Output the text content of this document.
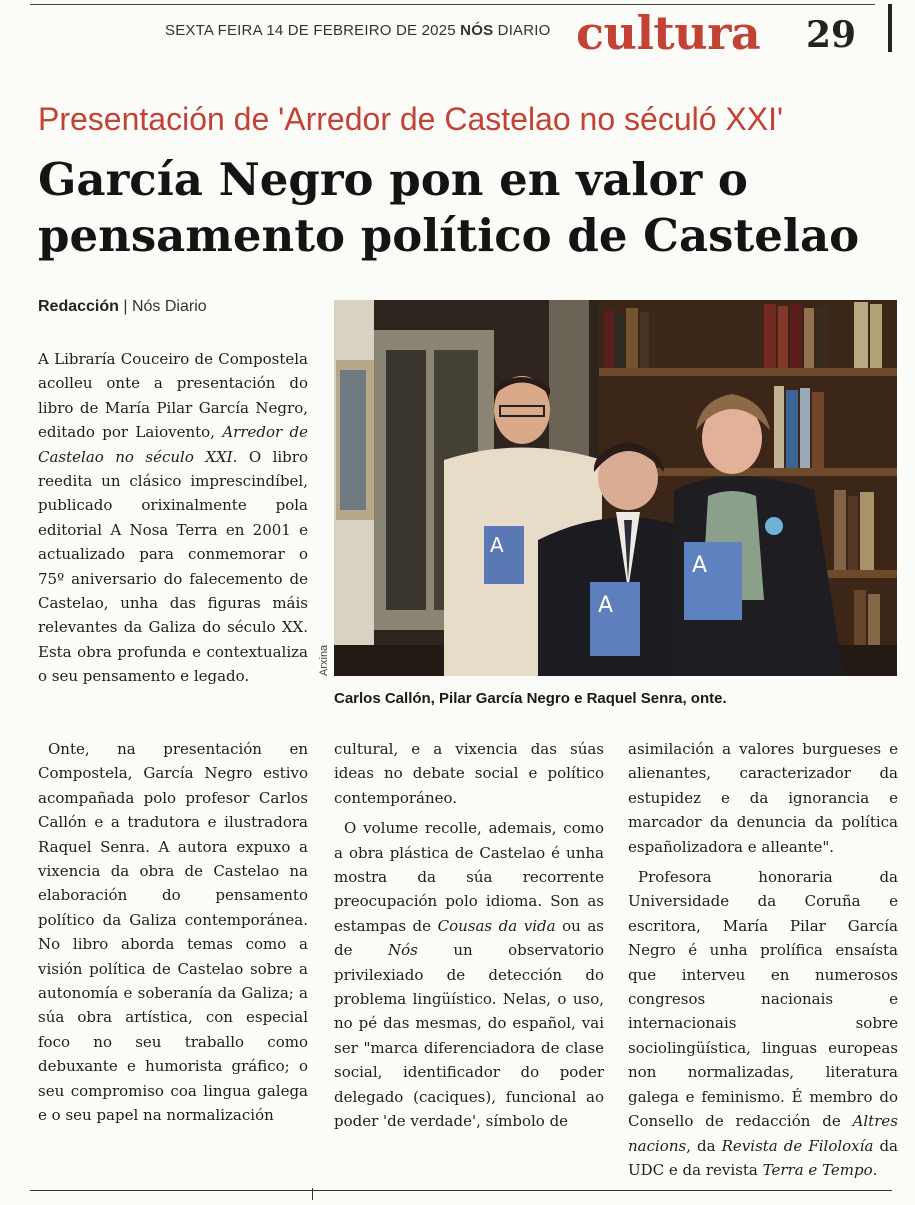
SEXTA FEIRA 14 DE FEBREIRO DE 2025 NÓS DIARIO cultura 29
Presentación de 'Arredor de Castelao no séculó XXI'
García Negro pon en valor o
pensamento político de Castelao
Redacción | Nós Diario

A Libraría Couceiro de Compostela acolleu onte a presentación do libro de María Pilar García Negro, editado por Laiovento, Arredor de Castelao no século XXI. O libro reedita un clásico imprescindíbel, publicado orixinalmente pola editorial A Nosa Terra en 2001 e actualizado para conmemorar o 75º aniversario do falecemento de Castelao, unha das figuras máis relevantes da Galiza do século XX. Esta obra profunda e contextualiza o seu pensamento e legado.

A
A
A
Arxina
Carlos Callón, Pilar García Negro e Raquel Senra, onte.

Onte, na presentación en Compostela, García Negro estivo acompañada polo profesor Carlos Callón e a tradutora e ilustradora Raquel Senra. A autora expuxo a vixencia da obra de Castelao na elaboración do pensamento político da Galiza contemporánea. No libro aborda temas como a visión política de Castelao sobre a autonomía e soberanía da Galiza; a súa obra artística, con especial foco no seu traballo como debuxante e humorista gráfico; o seu compromiso coa lingua galega e o seu papel na normalización

cultural, e a vixencia das súas ideas no debate social e político contemporáneo.

O volume recolle, ademais, como a obra plástica de Castelao é unha mostra da súa recorrente preocupación polo idioma. Son as estampas de Cousas da vida ou as de Nós un observatorio privilexiado de detección do problema lingüístico. Nelas, o uso, no pé das mesmas, do español, vai ser "marca diferenciadora de clase social, identificador do poder delegado (caciques), funcional ao poder 'de verdade', símbolo de

asimilación a valores burgueses e alienantes, caracterizador da estupidez e da ignorancia e marcador da denuncia da política españolizadora e alleante".

Profesora honoraria da Universidade da Coruña e escritora, María Pilar García Negro é unha prolífica ensaísta que interveu en numerosos congresos nacionais e internacionais sobre sociolingüística, linguas europeas non normalizadas, literatura galega e feminismo. É membro do Consello de redacción de Altres nacions, da Revista de Filoloxía da UDC e da revista Terra e Tempo.
